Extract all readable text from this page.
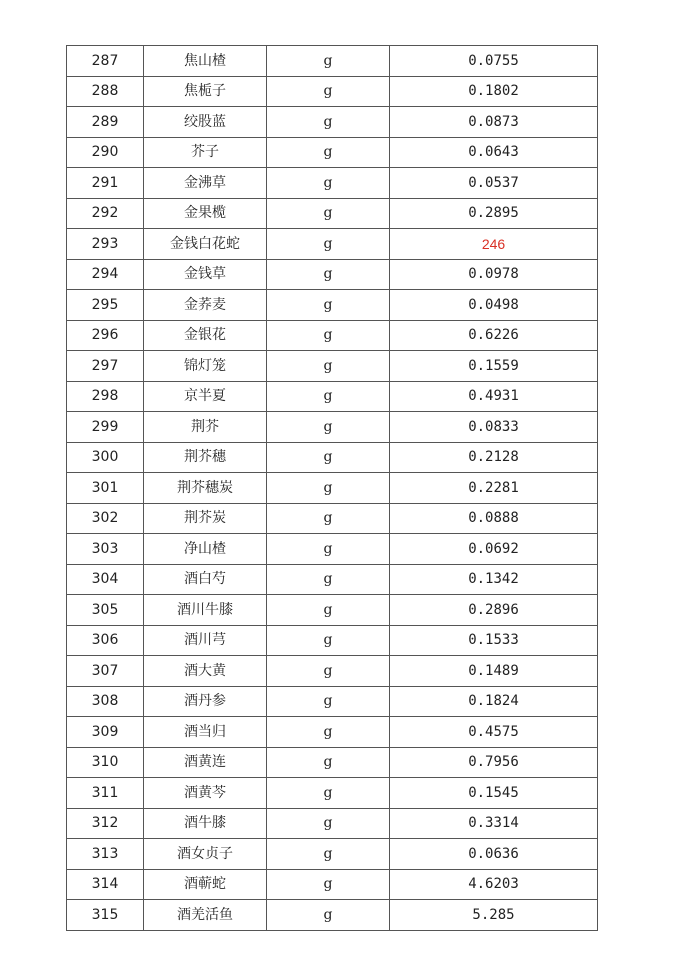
287	焦山楂	g	0.0755
288	焦栀子	g	0.1802
289	绞股蓝	g	0.0873
290	芥子	g	0.0643
291	金沸草	g	0.0537
292	金果榄	g	0.2895
293	金钱白花蛇	g	246
294	金钱草	g	0.0978
295	金荞麦	g	0.0498
296	金银花	g	0.6226
297	锦灯笼	g	0.1559
298	京半夏	g	0.4931
299	荆芥	g	0.0833
300	荆芥穗	g	0.2128
301	荆芥穗炭	g	0.2281
302	荆芥炭	g	0.0888
303	净山楂	g	0.0692
304	酒白芍	g	0.1342
305	酒川牛膝	g	0.2896
306	酒川芎	g	0.1533
307	酒大黄	g	0.1489
308	酒丹参	g	0.1824
309	酒当归	g	0.4575
310	酒黄连	g	0.7956
311	酒黄芩	g	0.1545
312	酒牛膝	g	0.3314
313	酒女贞子	g	0.0636
314	酒蕲蛇	g	4.6203
315	酒羌活鱼	g	5.285
